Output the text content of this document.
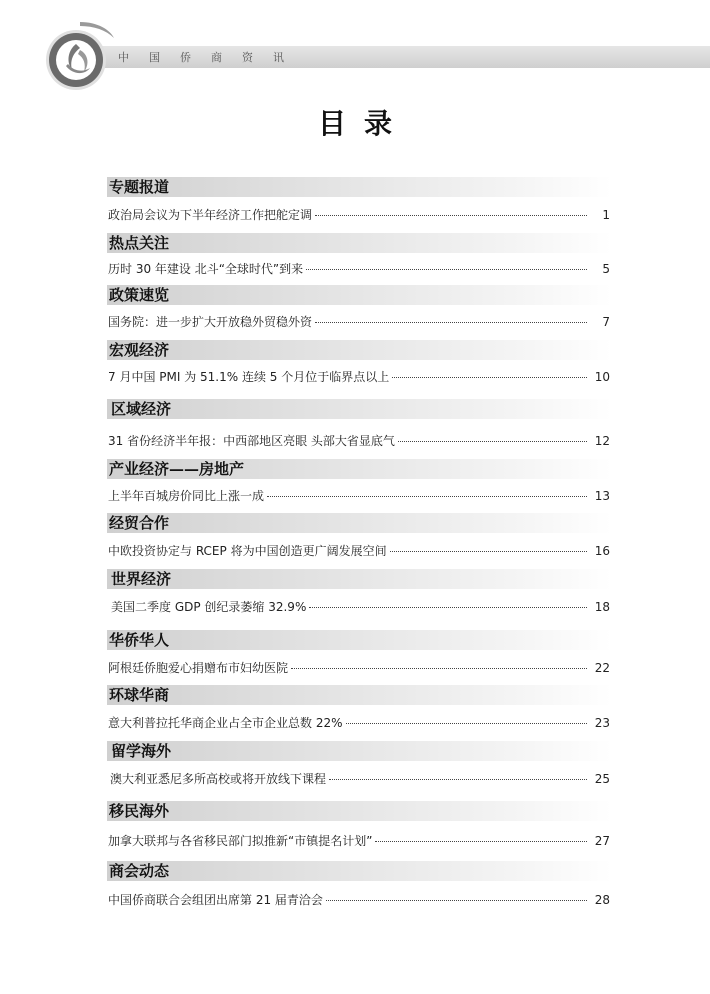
中国侨商资讯
目录
专题报道
政治局会议为下半年经济工作把舵定调	1
热点关注
历时 30 年建设 北斗“全球时代”到来	5
政策速览
国务院：进一步扩大开放稳外贸稳外资	7
宏观经济
7 月中国 PMI 为 51.1% 连续 5 个月位于临界点以上	10
区域经济
31 省份经济半年报：中西部地区亮眼 头部大省显底气	12
产业经济——房地产
上半年百城房价同比上涨一成	13
经贸合作
中欧投资协定与 RCEP 将为中国创造更广阔发展空间	16
世界经济
美国二季度 GDP 创纪录萎缩 32.9%	18
华侨华人
阿根廷侨胞爱心捐赠布市妇幼医院	22
环球华商
意大利普拉托华商企业占全市企业总数 22%	23
留学海外
澳大利亚悉尼多所高校或将开放线下课程	25
移民海外
加拿大联邦与各省移民部门拟推新“市镇提名计划”	27
商会动态
中国侨商联合会组团出席第 21 届青洽会	28
